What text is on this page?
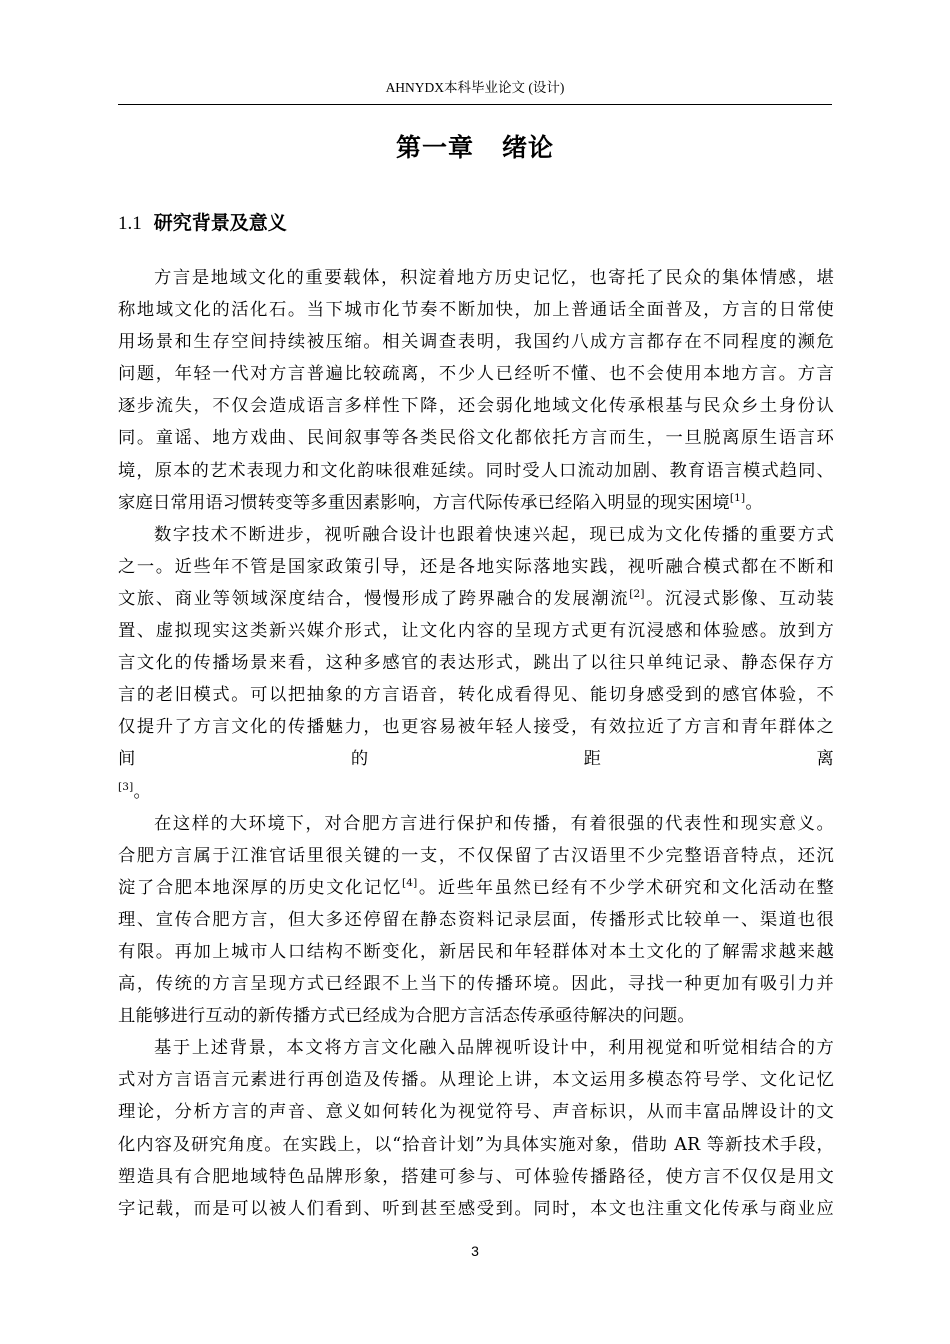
AHNYDX本科毕业论文 (设计)
第一章 绪论
1.1 研究背景及意义
方言是地域文化的重要载体，积淀着地方历史记忆，也寄托了民众的集体情感，堪
称地域文化的活化石。当下城市化节奏不断加快，加上普通话全面普及，方言的日常使
用场景和生存空间持续被压缩。相关调查表明，我国约八成方言都存在不同程度的濒危
问题，年轻一代对方言普遍比较疏离，不少人已经听不懂、也不会使用本地方言。方言
逐步流失，不仅会造成语言多样性下降，还会弱化地域文化传承根基与民众乡土身份认
同。童谣、地方戏曲、民间叙事等各类民俗文化都依托方言而生，一旦脱离原生语言环
境，原本的艺术表现力和文化韵味很难延续。同时受人口流动加剧、教育语言模式趋同、
家庭日常用语习惯转变等多重因素影响，方言代际传承已经陷入明显的现实困境[1]。
数字技术不断进步，视听融合设计也跟着快速兴起，现已成为文化传播的重要方式
之一。近些年不管是国家政策引导，还是各地实际落地实践，视听融合模式都在不断和
文旅、商业等领域深度结合，慢慢形成了跨界融合的发展潮流[2]。沉浸式影像、互动装
置、虚拟现实这类新兴媒介形式，让文化内容的呈现方式更有沉浸感和体验感。放到方
言文化的传播场景来看，这种多感官的表达形式，跳出了以往只单纯记录、静态保存方
言的老旧模式。可以把抽象的方言语音，转化成看得见、能切身感受到的感官体验，不
仅提升了方言文化的传播魅力，也更容易被年轻人接受，有效拉近了方言和青年群体之
间的距离
[3]。
在这样的大环境下，对合肥方言进行保护和传播，有着很强的代表性和现实意义。
合肥方言属于江淮官话里很关键的一支，不仅保留了古汉语里不少完整语音特点，还沉
淀了合肥本地深厚的历史文化记忆[4]。近些年虽然已经有不少学术研究和文化活动在整
理、宣传合肥方言，但大多还停留在静态资料记录层面，传播形式比较单一、渠道也很
有限。再加上城市人口结构不断变化，新居民和年轻群体对本土文化的了解需求越来越
高，传统的方言呈现方式已经跟不上当下的传播环境。因此，寻找一种更加有吸引力并
且能够进行互动的新传播方式已经成为合肥方言活态传承亟待解决的问题。
基于上述背景，本文将方言文化融入品牌视听设计中，利用视觉和听觉相结合的方
式对方言语言元素进行再创造及传播。从理论上讲，本文运用多模态符号学、文化记忆
理论，分析方言的声音、意义如何转化为视觉符号、声音标识，从而丰富品牌设计的文
化内容及研究角度。在实践上，以“拾音计划”为具体实施对象，借助 AR 等新技术手段，
塑造具有合肥地域特色品牌形象，搭建可参与、可体验传播路径，使方言不仅仅是用文
字记载，而是可以被人们看到、听到甚至感受到。同时，本文也注重文化传承与商业应
3
